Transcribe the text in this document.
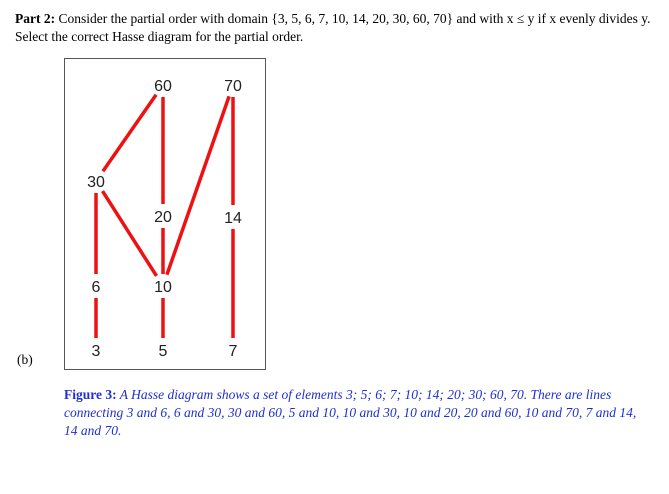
Part 2: Consider the partial order with domain {3, 5, 6, 7, 10, 14, 20, 30, 60, 70} and with x ≤ y if x evenly divides y. Select the correct Hasse diagram for the partial order.
(b)	3	5
6
7
10
14
20
30
60	70
Figure 3: A Hasse diagram shows a set of elements 3; 5; 6; 7; 10; 14; 20; 30; 60, 70. There are lines connecting 3 and 6, 6 and 30, 30 and 60, 5 and 10, 10 and 30, 10 and 20, 20 and 60, 10 and 70, 7 and 14, 14 and 70.
